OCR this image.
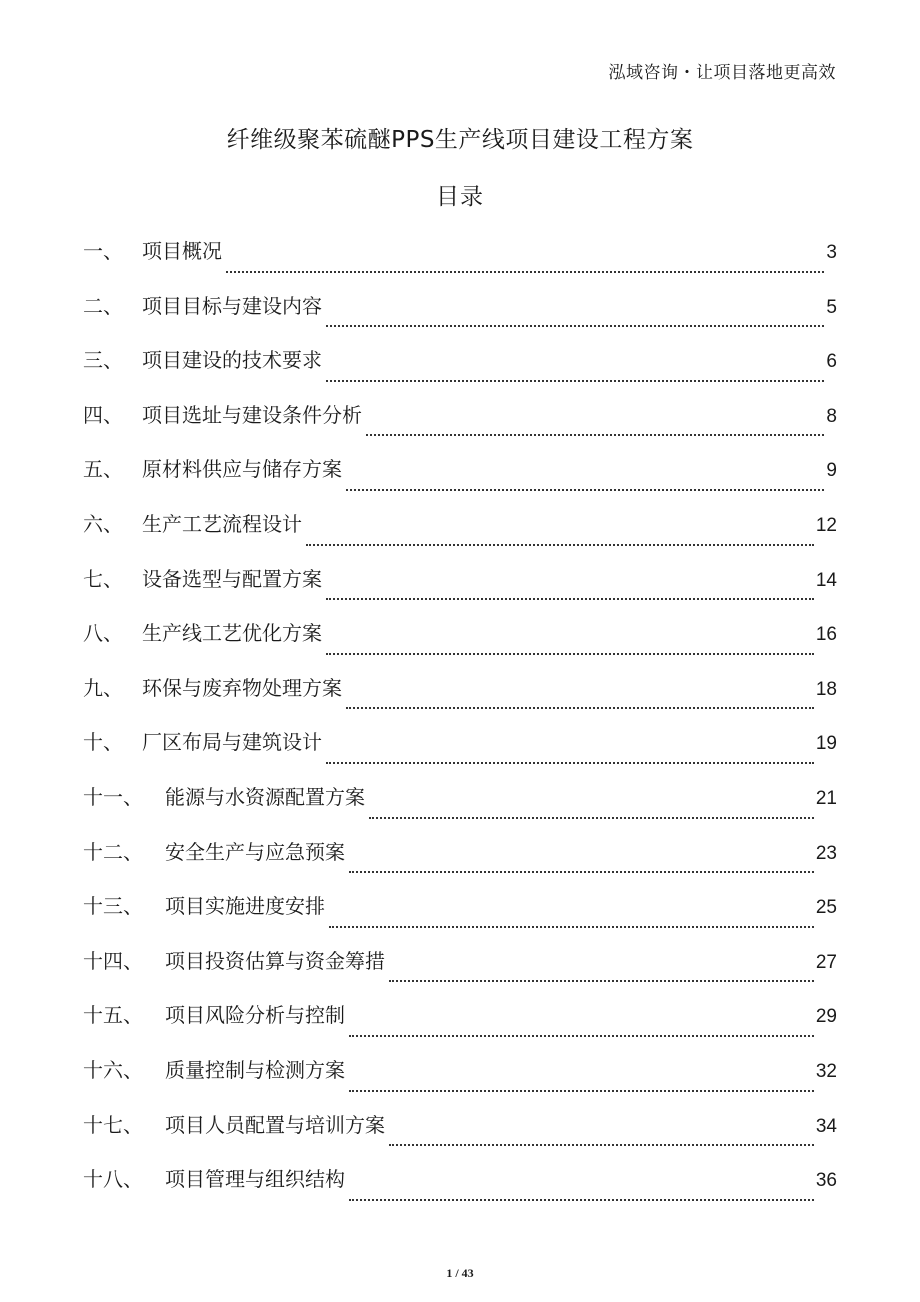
泓域咨询・让项目落地更高效
纤维级聚苯硫醚PPS生产线项目建设工程方案
目录
一、 项目概况	3
二、 项目目标与建设内容	5
三、 项目建设的技术要求	6
四、 项目选址与建设条件分析	8
五、 原材料供应与储存方案	9
六、 生产工艺流程设计	12
七、 设备选型与配置方案	14
八、 生产线工艺优化方案	16
九、 环保与废弃物处理方案	18
十、 厂区布局与建筑设计	19
十一、	能源与水资源配置方案	21
十二、	安全生产与应急预案	23
十三、	项目实施进度安排	25
十四、	项目投资估算与资金筹措	27
十五、	项目风险分析与控制	29
十六、	质量控制与检测方案	32
十七、	项目人员配置与培训方案	34
十八、	项目管理与组织结构	36
1 / 43
